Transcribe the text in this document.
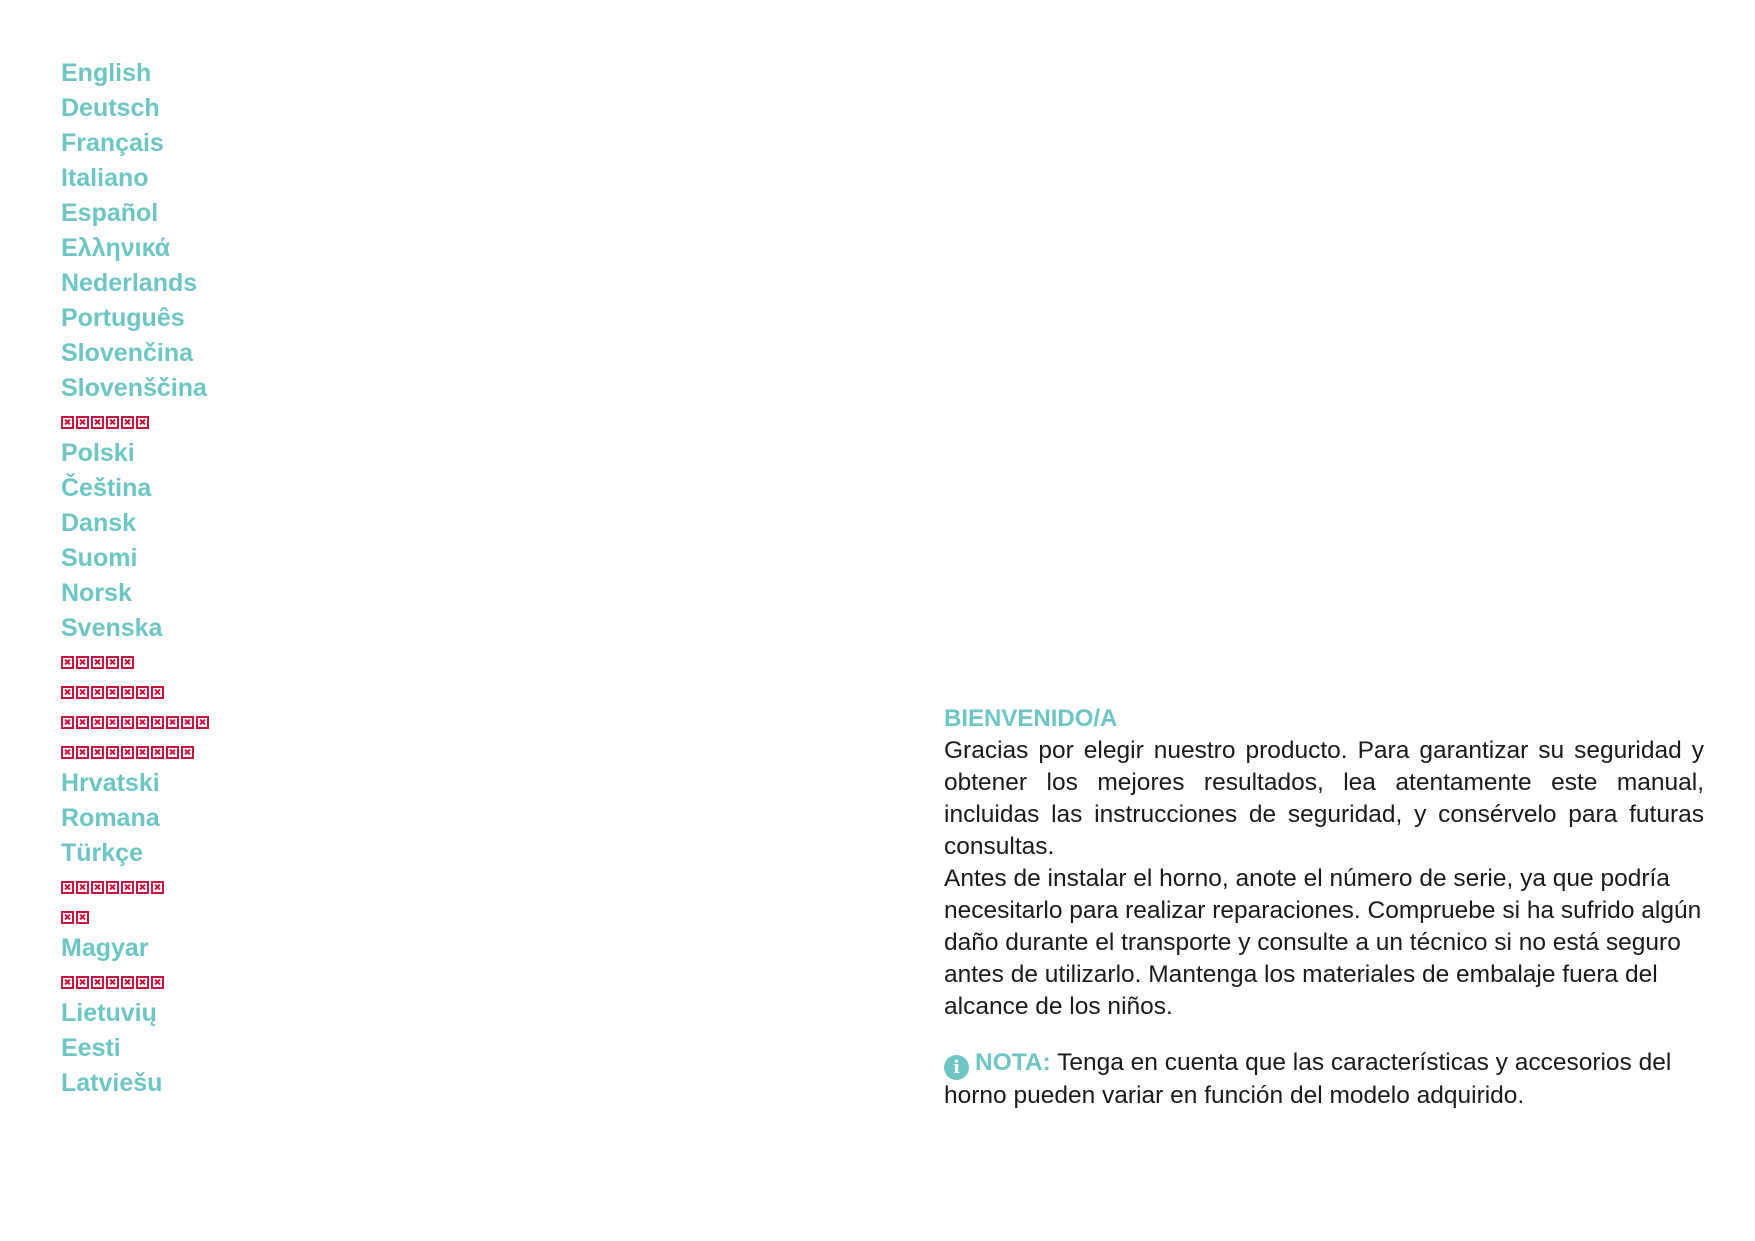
English
Deutsch
Français
Italiano
Español
Ελληνικά
Nederlands
Português
Slovenčina
Slovenščina
Polski
Čeština
Dansk
Suomi
Norsk
Svenska
Hrvatski
Romana
Türkçe
Magyar
Lietuvių
Eesti
Latviešu
BIENVENIDO/A

Gracias por elegir nuestro producto. Para garantizar su seguridad y obtener los mejores resultados, lea atentamente este manual, incluidas las instrucciones de seguridad, y consérvelo para futuras consultas.

Antes de instalar el horno, anote el número de serie, ya que podría necesitarlo para realizar reparaciones. Compruebe si ha sufrido algún daño durante el transporte y consulte a un técnico si no está seguro antes de utilizarlo. Mantenga los materiales de embalaje fuera del alcance de los niños.

i NOTA: Tenga en cuenta que las características y accesorios del horno pueden variar en función del modelo adquirido.
